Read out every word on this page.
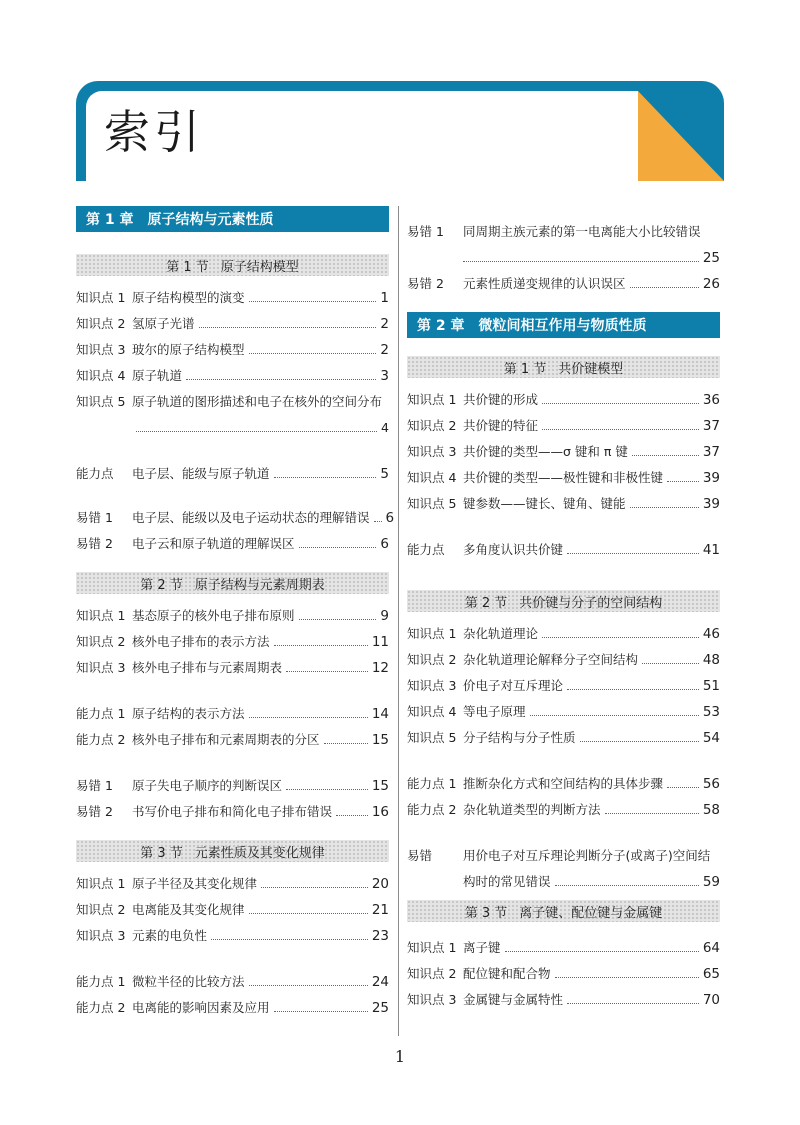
索引
第 1 章 原子结构与元素性质
第 1 节 原子结构模型
知识点 1 原子结构模型的演变	1
知识点 2 氢原子光谱	2
知识点 3 玻尔的原子结构模型	2
知识点 4 原子轨道	3
知识点 5 原子轨道的图形描述和电子在核外的空间分布
4
能力点	电子层、能级与原子轨道	5
易错 1	电子层、能级以及电子运动状态的理解错误 6
易错 2	电子云和原子轨道的理解误区	6
第 2 节 原子结构与元素周期表
知识点 1 基态原子的核外电子排布原则	9
知识点 2 核外电子排布的表示方法	11
知识点 3 核外电子排布与元素周期表	12
能力点 1 原子结构的表示方法	14
能力点 2 核外电子排布和元素周期表的分区	15
易错 1	原子失电子顺序的判断误区	15
易错 2	书写价电子排布和简化电子排布错误	16
第 3 节 元素性质及其变化规律
知识点 1 原子半径及其变化规律	20
知识点 2 电离能及其变化规律	21
知识点 3 元素的电负性	23
能力点 1 微粒半径的比较方法	24
能力点 2 电离能的影响因素及应用	25
易错 1	同周期主族元素的第一电离能大小比较错误
25
易错 2	元素性质递变规律的认识误区	26
第 2 章 微粒间相互作用与物质性质
第 1 节 共价键模型
知识点 1 共价键的形成	36
知识点 2 共价键的特征	37
知识点 3 共价键的类型——σ 键和 π 键	37
知识点 4 共价键的类型——极性键和非极性键	39
知识点 5 键参数——键长、键角、键能	39
能力点	多角度认识共价键	41
第 2 节 共价键与分子的空间结构
知识点 1 杂化轨道理论	46
知识点 2 杂化轨道理论解释分子空间结构	48
知识点 3 价电子对互斥理论	51
知识点 4 等电子原理	53
知识点 5 分子结构与分子性质	54
能力点 1 推断杂化方式和空间结构的具体步骤	56
能力点 2 杂化轨道类型的判断方法	58
易错	用价电子对互斥理论判断分子(或离子)空间结
构时的常见错误	59
第 3 节 离子键、配位键与金属键
知识点 1 离子键	64
知识点 2 配位键和配合物	65
知识点 3 金属键与金属特性	70
1
